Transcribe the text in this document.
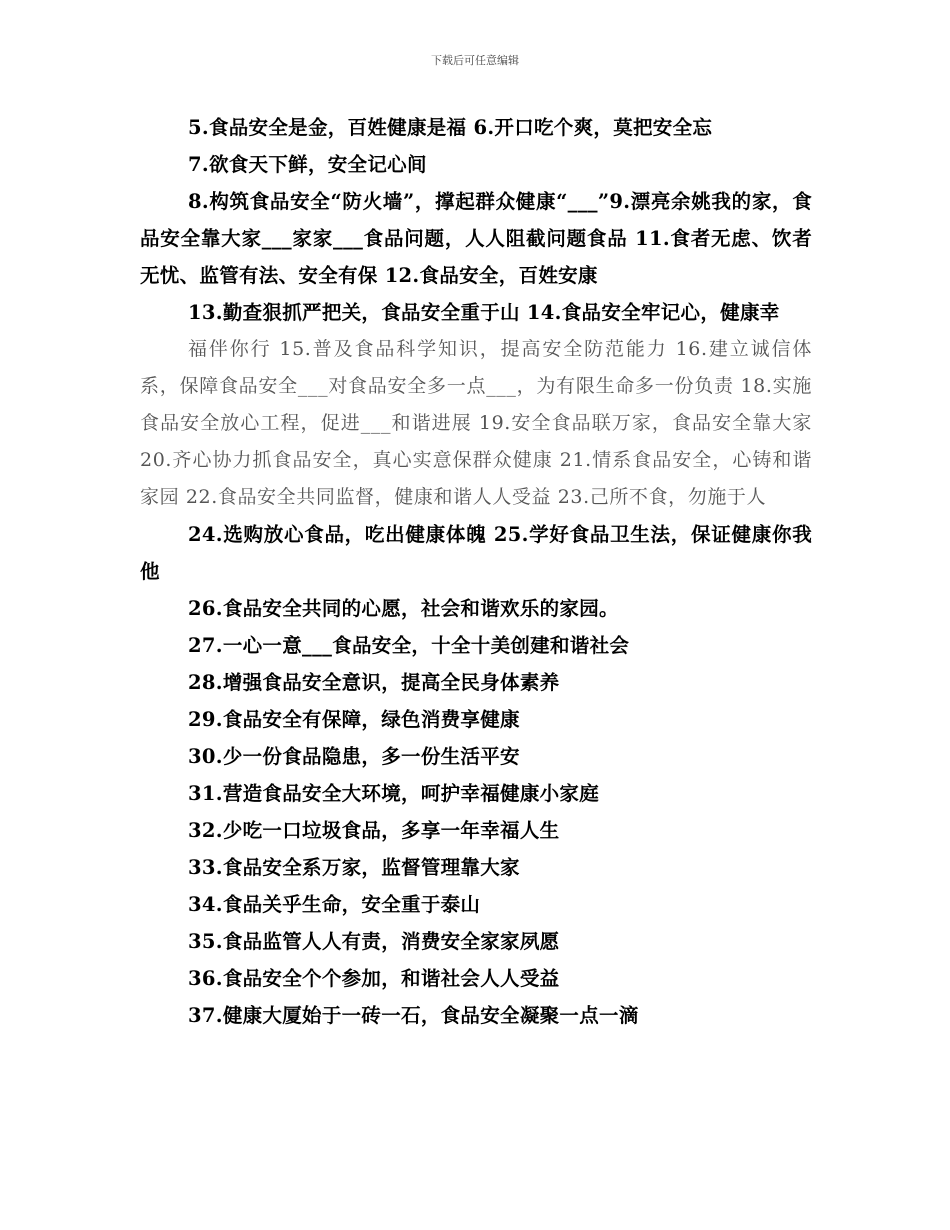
下载后可任意编辑

5.食品安全是金，百姓健康是福 6.开口吃个爽，莫把安全忘

7.欲食天下鲜，安全记心间

8.构筑食品安全“防火墙”，撑起群众健康“___”9.漂亮余姚我的家，食品安全靠大家___家家___食品问题，人人阻截问题食品 11.食者无虑、饮者无忧、监管有法、安全有保 12.食品安全，百姓安康

13.勤查狠抓严把关，食品安全重于山 14.食品安全牢记心，健康幸

福伴你行 15.普及食品科学知识，提高安全防范能力 16.建立诚信体系，保障食品安全___对食品安全多一点___，为有限生命多一份负责 18.实施食品安全放心工程，促进___和谐进展 19.安全食品联万家，食品安全靠大家 20.齐心协力抓食品安全，真心实意保群众健康 21.情系食品安全，心铸和谐家园 22.食品安全共同监督，健康和谐人人受益 23.己所不食，勿施于人

24.选购放心食品，吃出健康体魄 25.学好食品卫生法，保证健康你我他

26.食品安全共同的心愿，社会和谐欢乐的家园。

27.一心一意___食品安全，十全十美创建和谐社会

28.增强食品安全意识，提高全民身体素养

29.食品安全有保障，绿色消费享健康

30.少一份食品隐患，多一份生活平安

31.营造食品安全大环境，呵护幸福健康小家庭

32.少吃一口垃圾食品，多享一年幸福人生

33.食品安全系万家，监督管理靠大家

34.食品关乎生命，安全重于泰山

35.食品监管人人有责，消费安全家家夙愿

36.食品安全个个参加，和谐社会人人受益

37.健康大厦始于一砖一石，食品安全凝聚一点一滴
